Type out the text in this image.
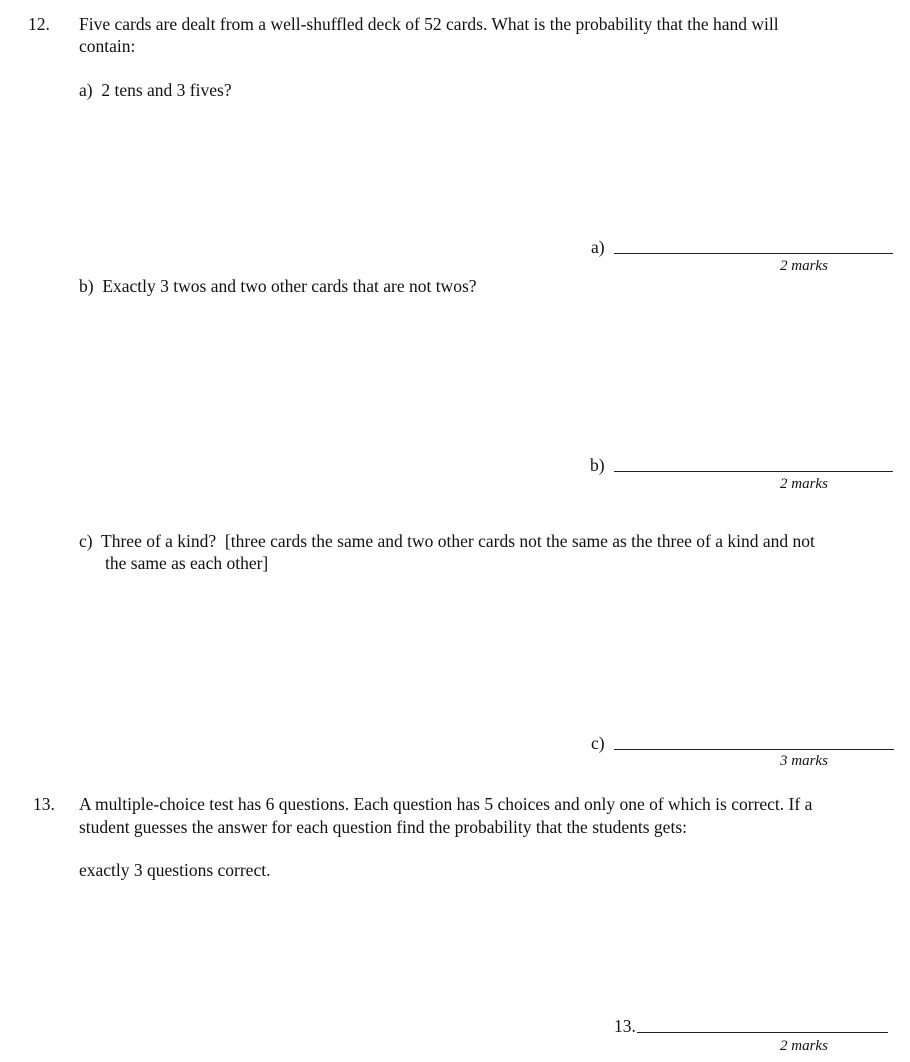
12. Five cards are dealt from a well-shuffled deck of 52 cards. What is the probability that the hand will
contain:
a)  2 tens and 3 fives?
a)
2 marks
b)  Exactly 3 twos and two other cards that are not twos?
b)
2 marks
c)  Three of a kind?  [three cards the same and two other cards not the same as the three of a kind and not
the same as each other]
c)
3 marks
13. A multiple-choice test has 6 questions. Each question has 5 choices and only one of which is correct. If a
student guesses the answer for each question find the probability that the students gets:
exactly 3 questions correct.
13.
2 marks
